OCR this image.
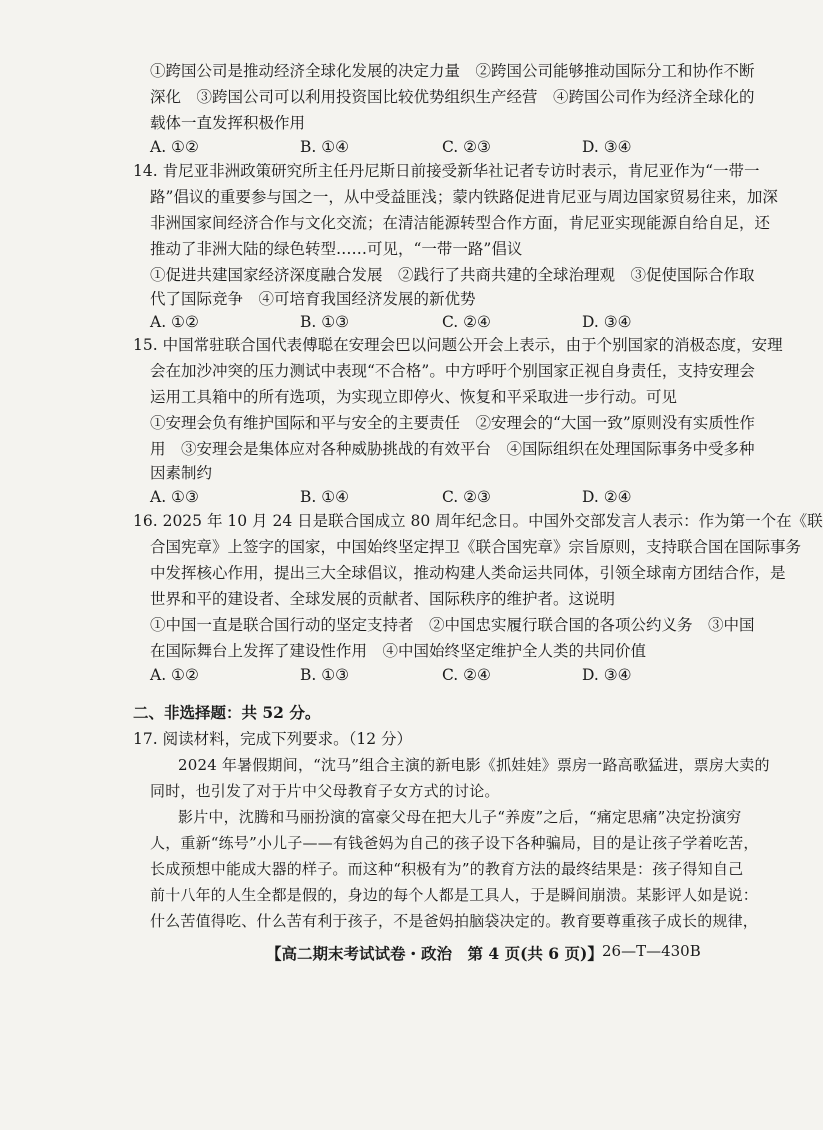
①跨国公司是推动经济全球化发展的决定力量　②跨国公司能够推动国际分工和协作不断
深化　③跨国公司可以利用投资国比较优势组织生产经营　④跨国公司作为经济全球化的
载体一直发挥积极作用
A. ①②	B. ①④	C. ②③	D. ③④
14. 肯尼亚非洲政策研究所主任丹尼斯日前接受新华社记者专访时表示，肯尼亚作为“一带一
路”倡议的重要参与国之一，从中受益匪浅；蒙内铁路促进肯尼亚与周边国家贸易往来，加深
非洲国家间经济合作与文化交流；在清洁能源转型合作方面，肯尼亚实现能源自给自足，还
推动了非洲大陆的绿色转型……可见，“一带一路”倡议
①促进共建国家经济深度融合发展　②践行了共商共建的全球治理观　③促使国际合作取
代了国际竞争　④可培育我国经济发展的新优势
A. ①②	B. ①③	C. ②④	D. ③④
15. 中国常驻联合国代表傅聪在安理会巴以问题公开会上表示，由于个别国家的消极态度，安理
会在加沙冲突的压力测试中表现“不合格”。中方呼吁个别国家正视自身责任，支持安理会
运用工具箱中的所有选项，为实现立即停火、恢复和平采取进一步行动。可见
①安理会负有维护国际和平与安全的主要责任　②安理会的“大国一致”原则没有实质性作
用　③安理会是集体应对各种威胁挑战的有效平台　④国际组织在处理国际事务中受多种
因素制约
A. ①③	B. ①④	C. ②③	D. ②④
16. 2025 年 10 月 24 日是联合国成立 80 周年纪念日。中国外交部发言人表示：作为第一个在《联
合国宪章》上签字的国家，中国始终坚定捍卫《联合国宪章》宗旨原则，支持联合国在国际事务
中发挥核心作用，提出三大全球倡议，推动构建人类命运共同体，引领全球南方团结合作，是
世界和平的建设者、全球发展的贡献者、国际秩序的维护者。这说明
①中国一直是联合国行动的坚定支持者　②中国忠实履行联合国的各项公约义务　③中国
在国际舞台上发挥了建设性作用　④中国始终坚定维护全人类的共同价值
A. ①②	B. ①③	C. ②④	D. ③④
二、非选择题：共 52 分。
17. 阅读材料，完成下列要求。（12 分）
2024 年暑假期间，“沈马”组合主演的新电影《抓娃娃》票房一路高歌猛进，票房大卖的
同时，也引发了对于片中父母教育子女方式的讨论。
影片中，沈腾和马丽扮演的富豪父母在把大儿子“养废”之后，“痛定思痛”决定扮演穷
人，重新“练号”小儿子——有钱爸妈为自己的孩子设下各种骗局，目的是让孩子学着吃苦，
长成预想中能成大器的样子。而这种“积极有为”的教育方法的最终结果是：孩子得知自己
前十八年的人生全都是假的，身边的每个人都是工具人，于是瞬间崩溃。某影评人如是说：
什么苦值得吃、什么苦有利于孩子，不是爸妈拍脑袋决定的。教育要尊重孩子成长的规律，
【高二期末考试试卷・政治　第 4 页(共 6 页)】 26—T—430B
